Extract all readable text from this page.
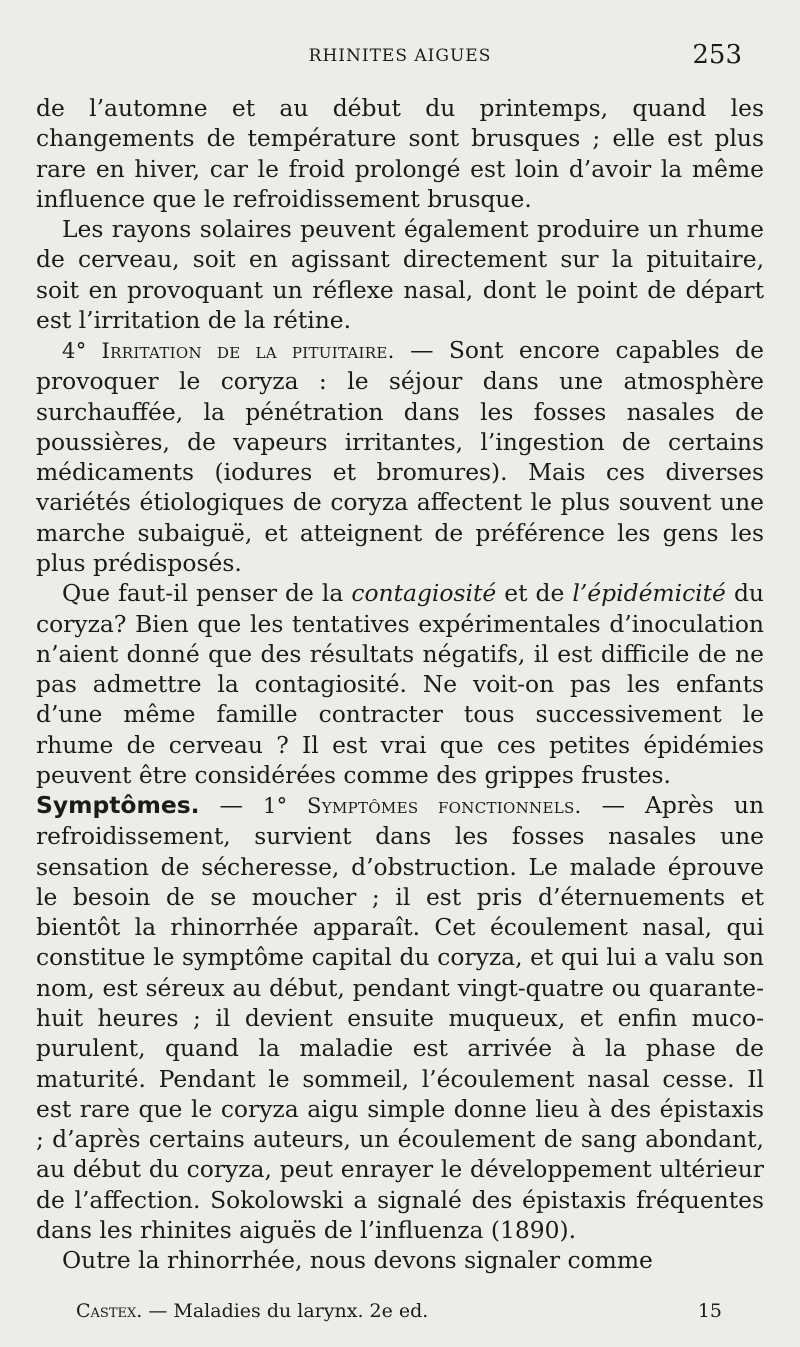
RHINITES AIGUES	253

de l’automne et au début du printemps, quand les changements de température sont brusques ; elle est plus rare en hiver, car le froid prolongé est loin d’avoir la même influence que le refroidissement brusque.

Les rayons solaires peuvent également produire un rhume de cerveau, soit en agissant directement sur la pituitaire, soit en provoquant un réflexe nasal, dont le point de départ est l’irritation de la rétine.

4° Irritation de la pituitaire. — Sont encore capables de provoquer le coryza : le séjour dans une atmosphère surchauffée, la pénétration dans les fosses nasales de poussières, de vapeurs irritantes, l’ingestion de certains médicaments (iodures et bromures). Mais ces diverses variétés étiologiques de coryza affectent le plus souvent une marche subaiguë, et atteignent de préférence les gens les plus prédisposés.

Que faut-il penser de la contagiosité et de l’épidémicité du coryza? Bien que les tentatives expérimentales d’inoculation n’aient donné que des résultats négatifs, il est difficile de ne pas admettre la contagiosité. Ne voit-on pas les enfants d’une même famille contracter tous successivement le rhume de cerveau ? Il est vrai que ces petites épidémies peuvent être considérées comme des grippes frustes.

Symptômes. — 1° Symptômes fonctionnels. — Après un refroidissement, survient dans les fosses nasales une sensation de sécheresse, d’obstruction. Le malade éprouve le besoin de se moucher ; il est pris d’éternuements et bientôt la rhinorrhée apparaît. Cet écoulement nasal, qui constitue le symptôme capital du coryza, et qui lui a valu son nom, est séreux au début, pendant vingt-quatre ou quarante-huit heures ; il devient ensuite muqueux, et enfin muco-purulent, quand la maladie est arrivée à la phase de maturité. Pendant le sommeil, l’écoulement nasal cesse. Il est rare que le coryza aigu simple donne lieu à des épistaxis ; d’après certains auteurs, un écoulement de sang abondant, au début du coryza, peut enrayer le développement ultérieur de l’affection. Sokolowski a signalé des épistaxis fréquentes dans les rhinites aiguës de l’influenza (1890).

Outre la rhinorrhée, nous devons signaler comme

Castex. — Maladies du larynx. 2e ed.	15
